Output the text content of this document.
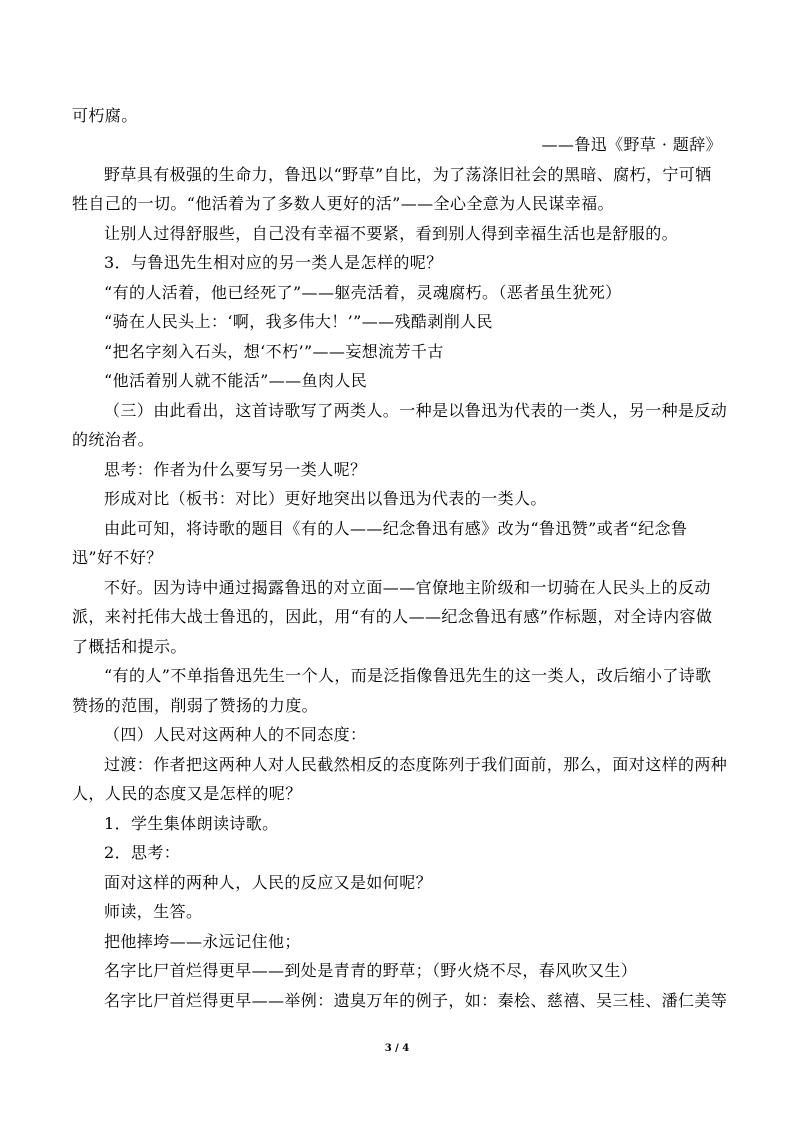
可朽腐。
——鲁迅《野草 · 题辞》
野草具有极强的生命力，鲁迅以“野草”自比，为了荡涤旧社会的黑暗、腐朽，宁可牺
牲自己的一切。“他活着为了多数人更好的活”——全心全意为人民谋幸福。
让别人过得舒服些，自己没有幸福不要紧，看到别人得到幸福生活也是舒服的。
3．与鲁迅先生相对应的另一类人是怎样的呢？
“有的人活着，他已经死了”——躯壳活着，灵魂腐朽。（恶者虽生犹死）
“骑在人民头上：‘啊，我多伟大！’”——残酷剥削人民
“把名字刻入石头，想‘不朽’”——妄想流芳千古
“他活着别人就不能活”——鱼肉人民
（三）由此看出，这首诗歌写了两类人。一种是以鲁迅为代表的一类人，另一种是反动
的统治者。
思考：作者为什么要写另一类人呢？
形成对比（板书：对比）更好地突出以鲁迅为代表的一类人。
由此可知，将诗歌的题目《有的人——纪念鲁迅有感》改为“鲁迅赞”或者“纪念鲁
迅”好不好？
不好。因为诗中通过揭露鲁迅的对立面——官僚地主阶级和一切骑在人民头上的反动
派，来衬托伟大战士鲁迅的，因此，用“有的人——纪念鲁迅有感”作标题，对全诗内容做
了概括和提示。
“有的人”不单指鲁迅先生一个人，而是泛指像鲁迅先生的这一类人，改后缩小了诗歌
赞扬的范围，削弱了赞扬的力度。
（四）人民对这两种人的不同态度：
过渡：作者把这两种人对人民截然相反的态度陈列于我们面前，那么，面对这样的两种
人，人民的态度又是怎样的呢？
1．学生集体朗读诗歌。
2．思考：
面对这样的两种人，人民的反应又是如何呢？
师读，生答。
把他摔垮——永远记住他；
名字比尸首烂得更早——到处是青青的野草；（野火烧不尽，春风吹又生）
名字比尸首烂得更早——举例：遗臭万年的例子，如：秦桧、慈禧、吴三桂、潘仁美等
3 / 4
